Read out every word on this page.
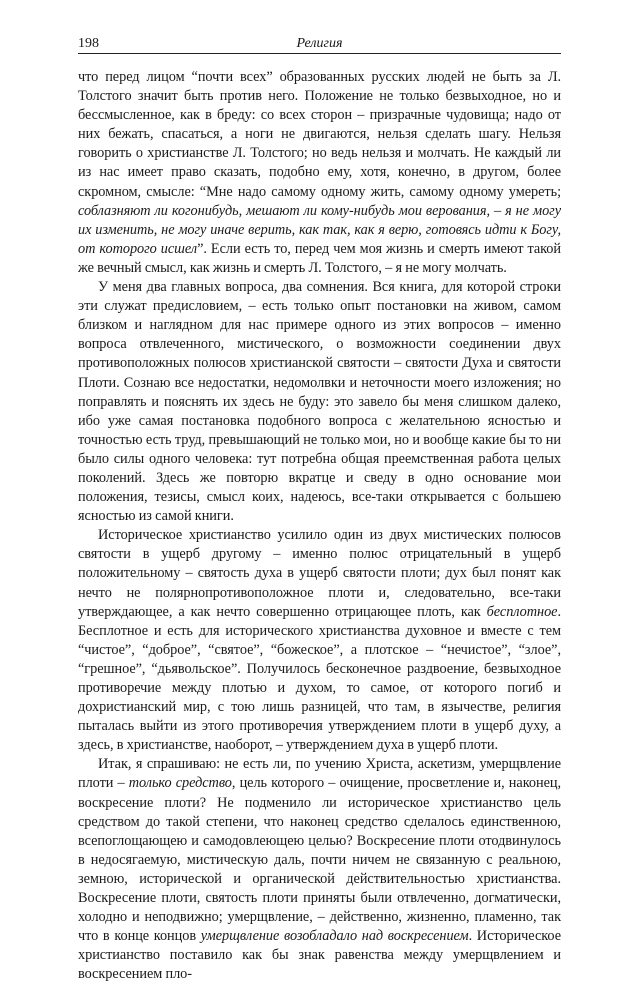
198	Религия

что перед лицом “почти всех” образованных русских людей не быть за Л. Толстого значит быть против него. Положение не только безвыходное, но и бессмысленное, как в бреду: со всех сторон – призрачные чудовища; надо от них бежать, спасаться, а ноги не двигаются, нельзя сделать шагу. Нельзя говорить о христианстве Л. Толстого; но ведь нельзя и молчать. Не каждый ли из нас имеет право сказать, подобно ему, хотя, конечно, в другом, более скромном, смысле: “Мне надо самому одному жить, самому одному умереть; соблазняют ли когонибудь, мешают ли кому-нибудь мои верования, – я не могу их изменить, не могу иначе верить, как так, как я верю, готовясь идти к Богу, от которого исшел”. Если есть то, перед чем моя жизнь и смерть имеют такой же вечный смысл, как жизнь и смерть Л. Толстого, – я не могу молчать.

У меня два главных вопроса, два сомнения. Вся книга, для которой строки эти служат предисловием, – есть только опыт постановки на живом, самом близком и наглядном для нас примере одного из этих вопросов – именно вопроса отвлеченного, мистического, о возможности соединении двух противоположных полюсов христианской святости – святости Духа и святости Плоти. Сознаю все недостатки, недомолвки и неточности моего изложения; но поправлять и пояснять их здесь не буду: это завело бы меня слишком далеко, ибо уже самая постановка подобного вопроса с желательною ясностью и точностью есть труд, превышающий не только мои, но и вообще какие бы то ни было силы одного человека: тут потребна общая преемственная работа целых поколений. Здесь же повторю вкратце и сведу в одно основание мои положения, тезисы, смысл коих, надеюсь, все-таки открывается с большею ясностью из самой книги.

Историческое христианство усилило один из двух мистических полюсов святости в ущерб другому – именно полюс отрицательный в ущерб положительному – святость духа в ущерб святости плоти; дух был понят как нечто не полярнопротивоположное плоти и, следовательно, все-таки утверждающее, а как нечто совершенно отрицающее плоть, как бесплотное. Бесплотное и есть для исторического христианства духовное и вместе с тем “чистое”, “доброе”, “святое”, “божеское”, а плотское – “нечистое”, “злое”, “грешное”, “дьявольское”. Получилось бесконечное раздвоение, безвыходное противоречие между плотью и духом, то самое, от которого погиб и дохристианский мир, с тою лишь разницей, что там, в язычестве, религия пыталась выйти из этого противоречия утверждением плоти в ущерб духу, а здесь, в христианстве, наоборот, – утверждением духа в ущерб плоти.

Итак, я спрашиваю: не есть ли, по учению Христа, аскетизм, умерщвление плоти – только средство, цель которого – очищение, просветление и, наконец, воскресение плоти? Не подменило ли историческое христианство цель средством до такой степени, что наконец средство сделалось единственною, всепоглощающею и самодовлеющею целью? Воскресение плоти отодвинулось в недосягаемую, мистическую даль, почти ничем не связанную с реальною, земною, исторической и органической действительностью христианства. Воскресение плоти, святость плоти приняты были отвлеченно, догматически, холодно и неподвижно; умерщвление, – действенно, жизненно, пламенно, так что в конце концов умерщвление возобладало над воскресением. Историческое христианство поставило как бы знак равенства между умерщвлением и воскресением пло-
